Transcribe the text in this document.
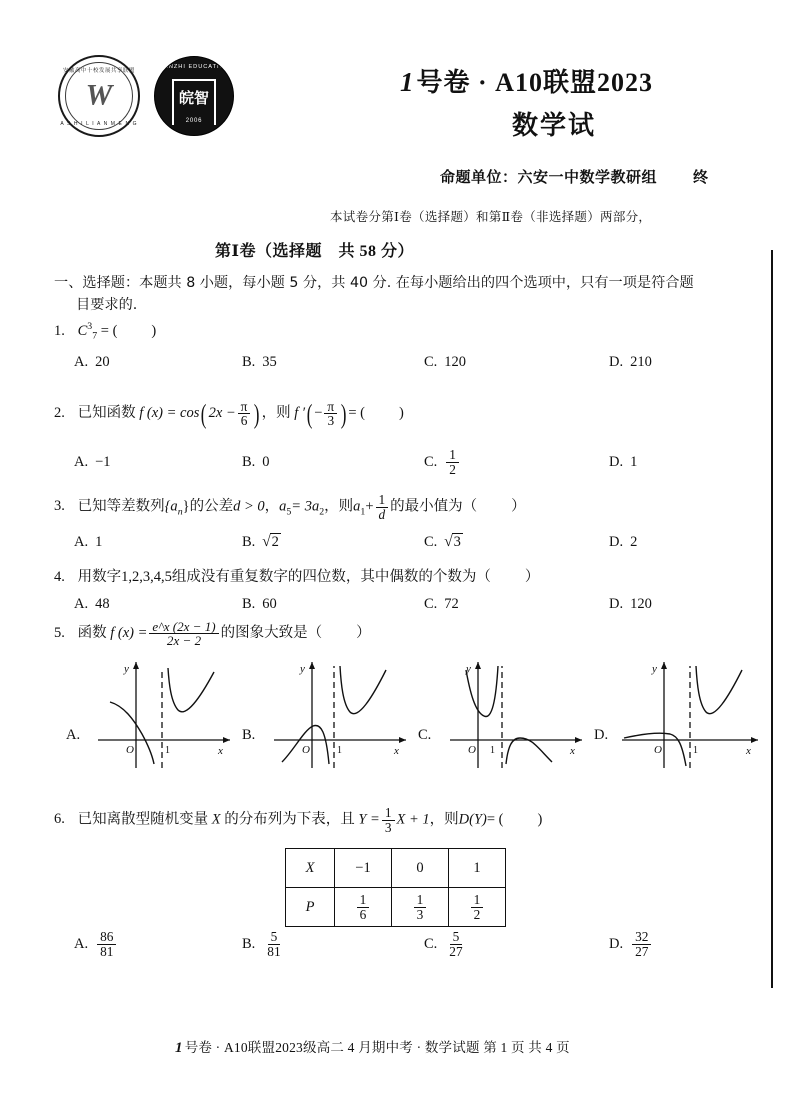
安徽高中十校发展共享联盟
W
A S H I L I A N M E N G
WANZHI EDUCATION
皖智
2006
1号卷 · A10联盟2023
数学试
命题单位：六安一中数学教研组 终
本试卷分第Ⅰ卷（选择题）和第Ⅱ卷（非选择题）两部分，
第Ⅰ卷（选择题　共 58 分）
一、选择题：本题共 8 小题，每小题 5 分，共 40 分. 在每小题给出的四个选项中，只有一项是符合题
目要求的.
1. $C^3_7$ = ( )
A. 20	B. 35	C. 120	D. 210
2. 已知函数 f (x) = cos( $2x - \frac{\pi}{6}$ ) ，则 f ′( − $\frac{\pi}{3}$ ) = ( )
A. −1	B. 0	C. $\frac{1}{2}$	D. 1
3. 已知等差数列$\{a_n\}$的公差d > 0，$a_5= 3a_2$，则$a_1+ \frac{1}{d}$ 的最小值为（ ）
A. 1	B. √ 2	C. √ 3	D. 2
4. 用数字1,2,3,4,5组成没有重复数字的四位数，其中偶数的个数为（ ）
A. 48	B. 60	C. 72	D. 120
5. 函数 f $(x) = \frac{e\^{}x (2x - 1)}{2x - 2}$ 的图象大致是（ ）
A.
O	1	x
y
B.
O	1	x
y
C.
O 1	x
y
D.
O	1	x
y
6. 已知离散型随机变量 X 的分布列为下表，且 $Y = \frac{1}{3}$ X + 1，则D(Y)= ( )
X	−1	0	1
P	$\frac{1}{6}$	$\frac{1}{3}$	$\frac{1}{2}$
A. $\frac{86}{81}$	B. $\frac{5}{81}$	C. $\frac{5}{27}$	D. $\frac{32}{27}$
1 号卷 · A10联盟2023级高二 4 月期中考 · 数学试题 第 1 页 共 4 页
